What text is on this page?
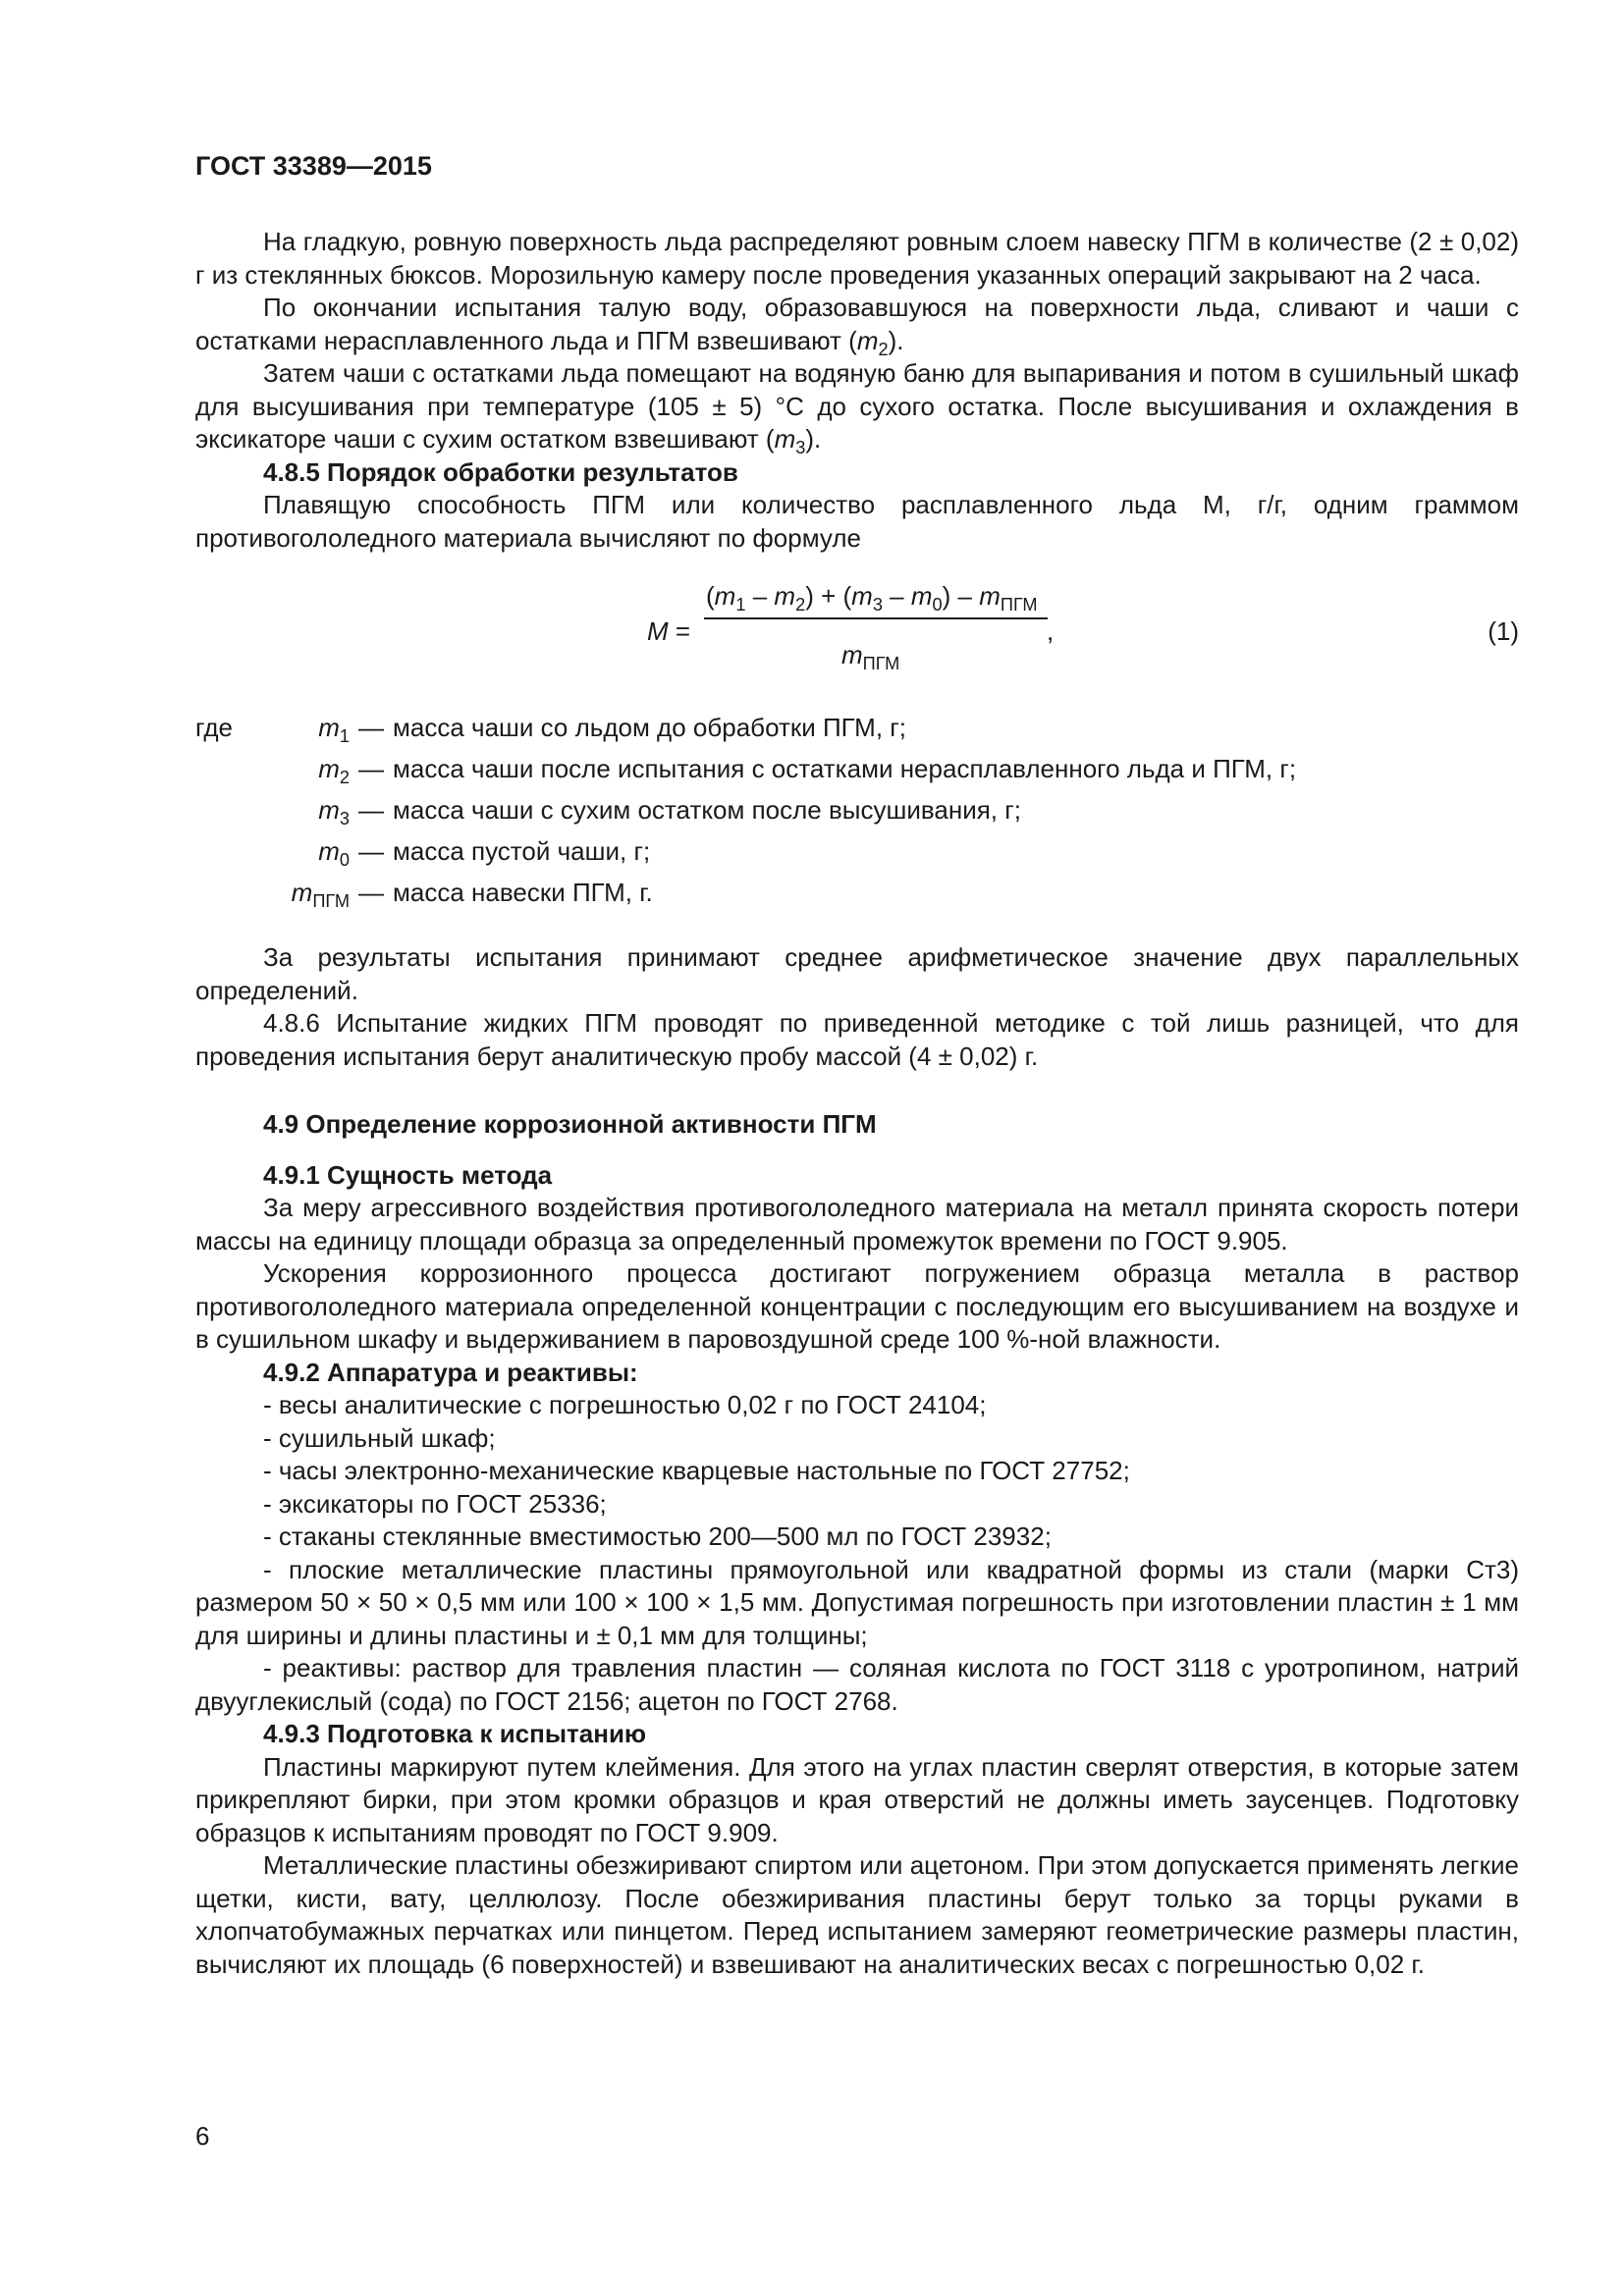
ГОСТ 33389—2015

На гладкую, ровную поверхность льда распределяют ровным слоем навеску ПГМ в количестве (2 ± 0,02) г из стеклянных бюксов. Морозильную камеру после проведения указанных операций закрывают на 2 часа.

По окончании испытания талую воду, образовавшуюся на поверхности льда, сливают и чаши с остатками нерасплавленного льда и ПГМ взвешивают $(m_2)$.

Затем чаши с остатками льда помещают на водяную баню для выпаривания и потом в сушильный шкаф для высушивания при температуре (105 ± 5) °С до сухого остатка. После высушивания и охлаждения в эксикаторе чаши с сухим остатком взвешивают $(m_3)$.

4.8.5 Порядок обработки результатов

Плавящую способность ПГМ или количество расплавленного льда M, г/г, одним граммом противогололедного материала вычисляют по формуле

M =
$(m_1 - m_2) + (m_3 - m_0) - m_{ПГМ}$
,
$m_{ПГМ}$
(1)
где	$m_1$ — масса чаши со льдом до обработки ПГМ, г;
$m_2$ — масса чаши после испытания с остатками нерасплавленного льда и ПГМ, г;
$m_3$ — масса чаши с сухим остатком после высушивания, г;
$m_0$ — масса пустой чаши, г;
$m_{ПГМ}$ — масса навески ПГМ, г.

За результаты испытания принимают среднее арифметическое значение двух параллельных определений.

4.8.6 Испытание жидких ПГМ проводят по приведенной методике с той лишь разницей, что для проведения испытания берут аналитическую пробу массой (4 ± 0,02) г.

4.9 Определение коррозионной активности ПГМ

4.9.1 Сущность метода

За меру агрессивного воздействия противогололедного материала на металл принята скорость потери массы на единицу площади образца за определенный промежуток времени по ГОСТ 9.905.

Ускорения коррозионного процесса достигают погружением образца металла в раствор противогололедного материала определенной концентрации с последующим его высушиванием на воздухе и в сушильном шкафу и выдерживанием в паровоздушной среде 100 %-ной влажности.

4.9.2 Аппаратура и реактивы:

- весы аналитические с погрешностью 0,02 г по ГОСТ 24104;

- сушильный шкаф;

- часы электронно-механические кварцевые настольные по ГОСТ 27752;

- эксикаторы по ГОСТ 25336;

- стаканы стеклянные вместимостью 200—500 мл по ГОСТ 23932;

- плоские металлические пластины прямоугольной или квадратной формы из стали (марки Ст3) размером 50 × 50 × 0,5 мм или 100 × 100 × 1,5 мм. Допустимая погрешность при изготовлении пластин ± 1 мм для ширины и длины пластины и ± 0,1 мм для толщины;

- реактивы: раствор для травления пластин — соляная кислота по ГОСТ 3118 с уротропином, натрий двууглекислый (сода) по ГОСТ 2156; ацетон по ГОСТ 2768.

4.9.3 Подготовка к испытанию

Пластины маркируют путем клеймения. Для этого на углах пластин сверлят отверстия, в которые затем прикрепляют бирки, при этом кромки образцов и края отверстий не должны иметь заусенцев. Подготовку образцов к испытаниям проводят по ГОСТ 9.909.

Металлические пластины обезжиривают спиртом или ацетоном. При этом допускается применять легкие щетки, кисти, вату, целлюлозу. После обезжиривания пластины берут только за торцы руками в хлопчатобумажных перчатках или пинцетом. Перед испытанием замеряют геометрические размеры пластин, вычисляют их площадь (6 поверхностей) и взвешивают на аналитических весах с погрешностью 0,02 г.

6
